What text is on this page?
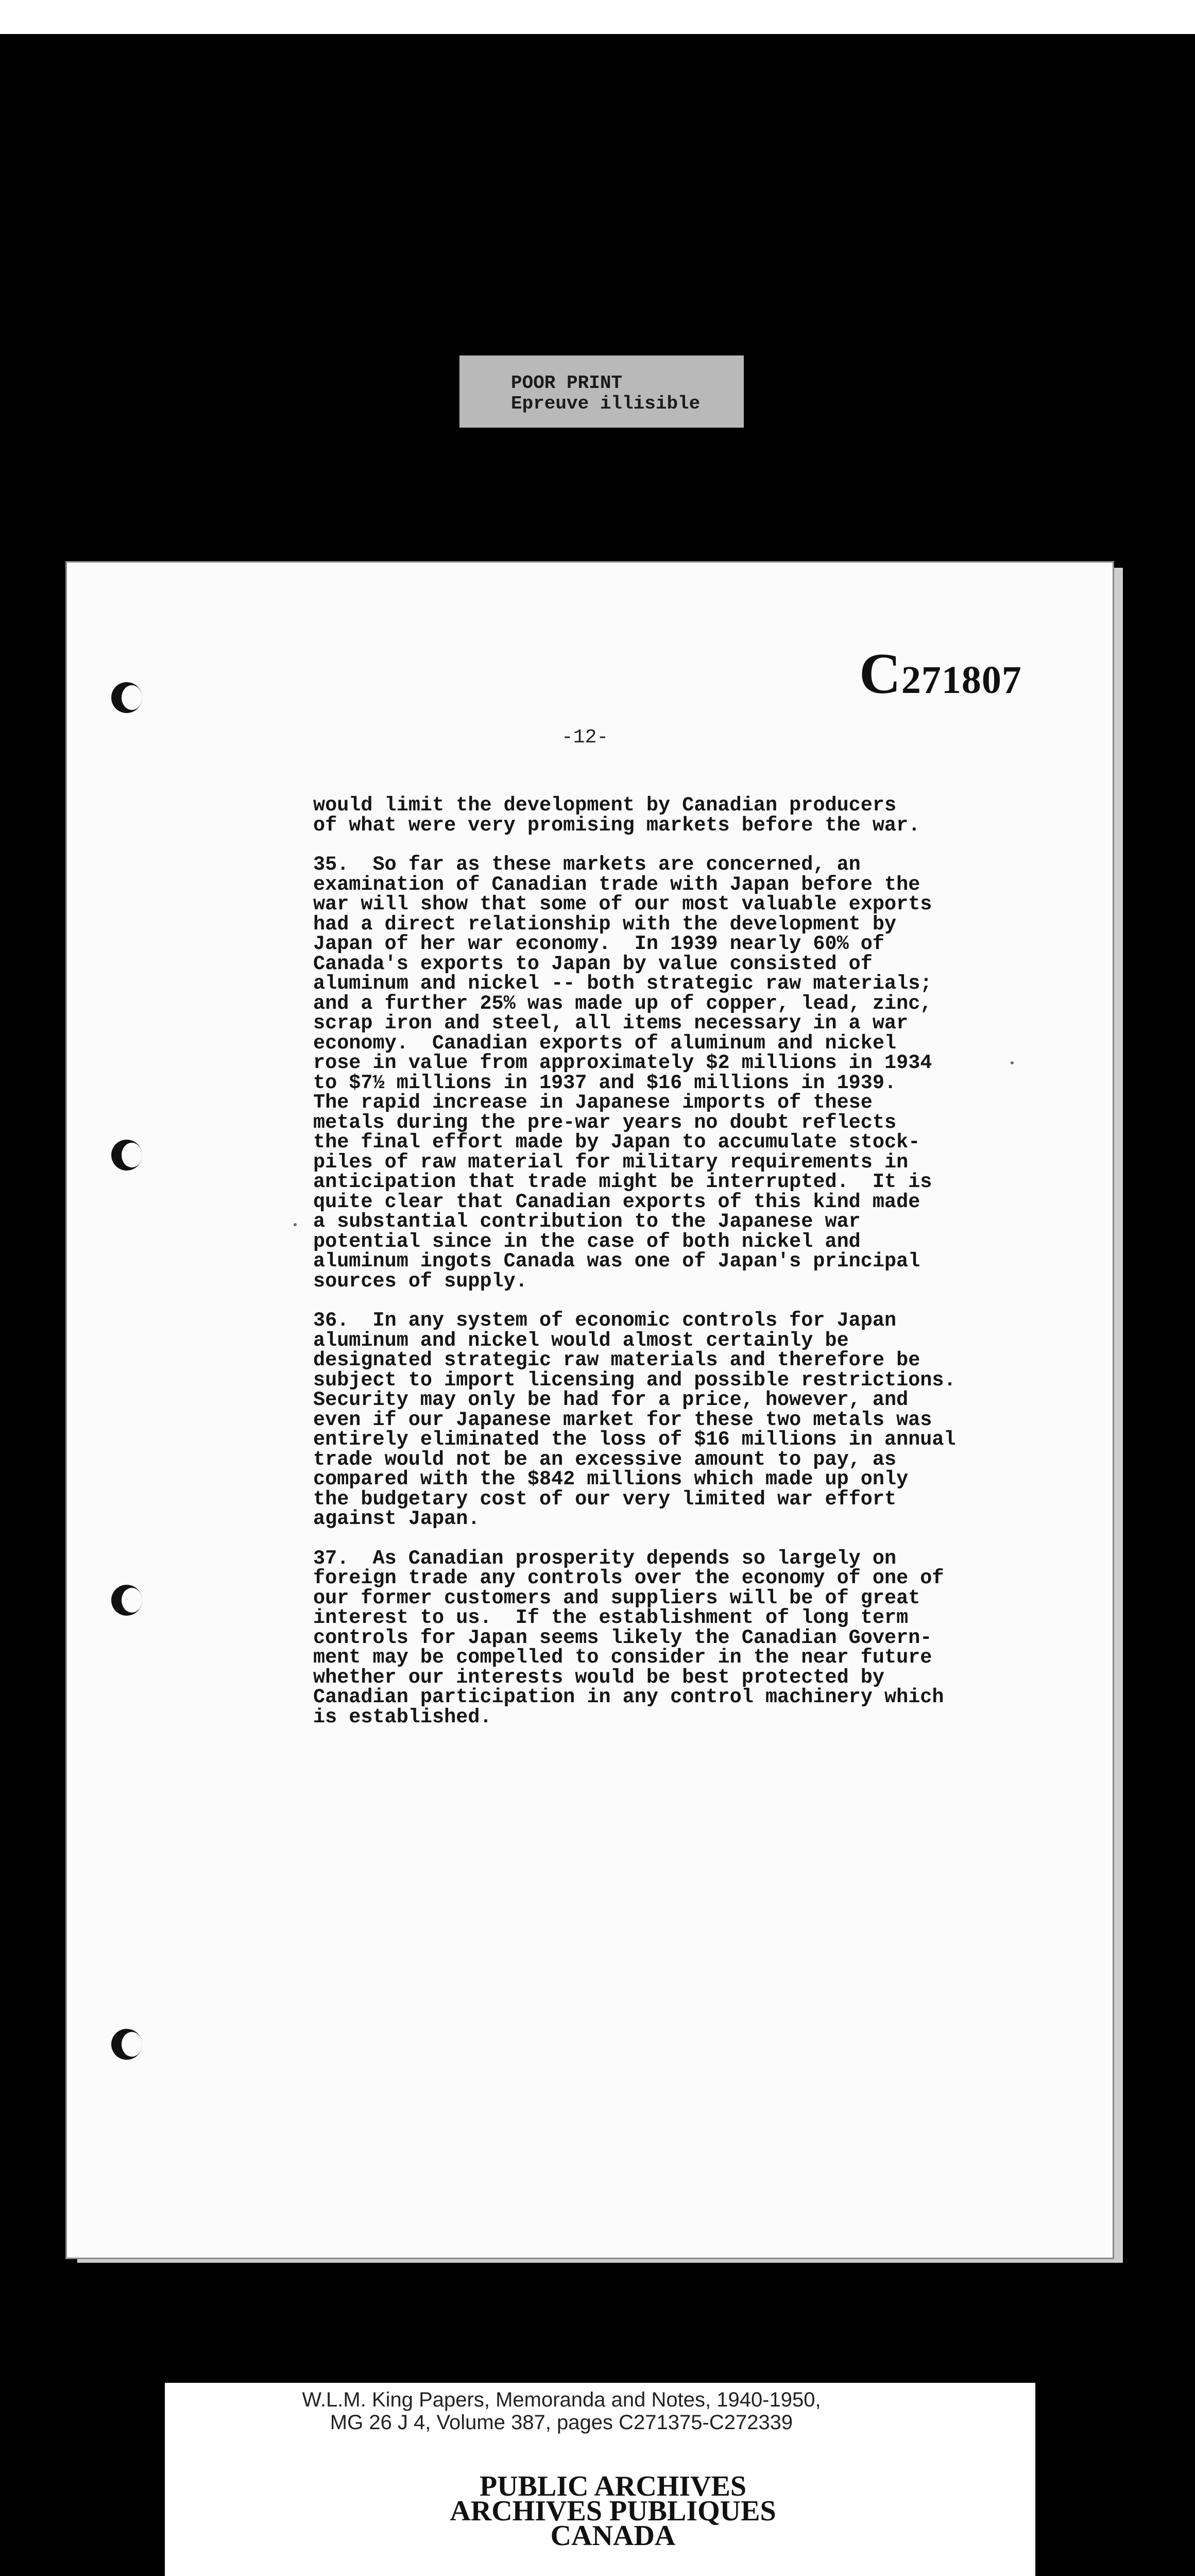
POOR PRINT
Epreuve illisible
C271807
-12-
would limit the development by Canadian producers
of what were very promising markets before the war.
35.  So far as these markets are concerned, an
examination of Canadian trade with Japan before the
war will show that some of our most valuable exports
had a direct relationship with the development by
Japan of her war economy.  In 1939 nearly 60% of
Canada's exports to Japan by value consisted of
aluminum and nickel -- both strategic raw materials;
and a further 25% was made up of copper, lead, zinc,
scrap iron and steel, all items necessary in a war
economy.  Canadian exports of aluminum and nickel
rose in value from approximately $2 millions in 1934
to $7½ millions in 1937 and $16 millions in 1939.
The rapid increase in Japanese imports of these
metals during the pre-war years no doubt reflects
the final effort made by Japan to accumulate stock-
piles of raw material for military requirements in
anticipation that trade might be interrupted.  It is
quite clear that Canadian exports of this kind made
a substantial contribution to the Japanese war
potential since in the case of both nickel and
aluminum ingots Canada was one of Japan's principal
sources of supply.
36.  In any system of economic controls for Japan
aluminum and nickel would almost certainly be
designated strategic raw materials and therefore be
subject to import licensing and possible restrictions.
Security may only be had for a price, however, and
even if our Japanese market for these two metals was
entirely eliminated the loss of $16 millions in annual
trade would not be an excessive amount to pay, as
compared with the $842 millions which made up only
the budgetary cost of our very limited war effort
against Japan.
37.  As Canadian prosperity depends so largely on
foreign trade any controls over the economy of one of
our former customers and suppliers will be of great
interest to us.  If the establishment of long term
controls for Japan seems likely the Canadian Govern-
ment may be compelled to consider in the near future
whether our interests would be best protected by
Canadian participation in any control machinery which
is established.
W.L.M. King Papers, Memoranda and Notes, 1940-1950,
MG 26 J 4, Volume 387, pages C271375-C272339
PUBLIC ARCHIVES
ARCHIVES PUBLIQUES
CANADA
